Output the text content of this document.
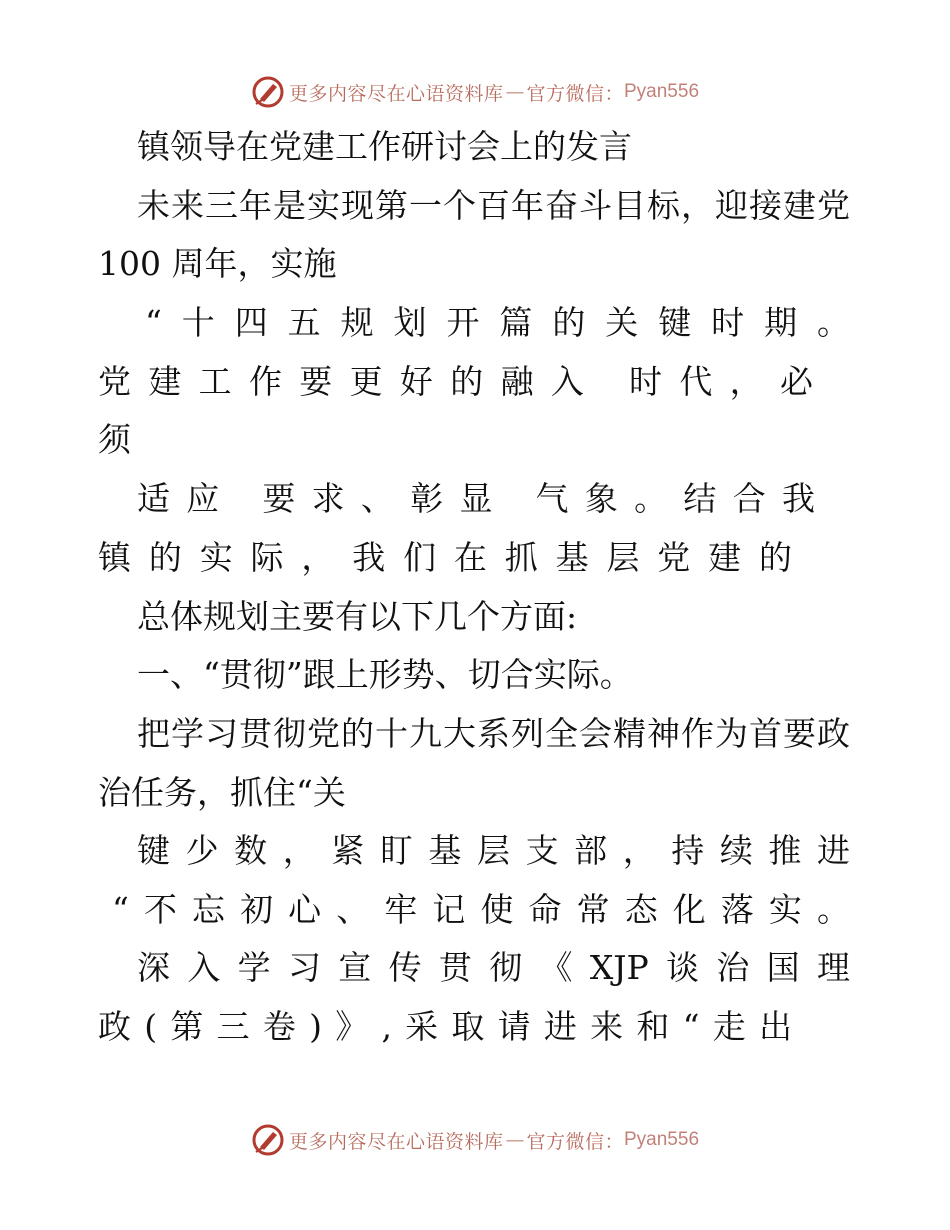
更多内容尽在心语资料库 — 官方微信： Pyan556
镇领导在党建工作研讨会上的发言
未来三年是实现第一个百年奋斗目标，迎接建党
100 周年，实施
“十四五规划开篇的关键时期。
党建工作要更好的融入 时代，必
须
适应 要求、彰显 气象。结合我
镇的实际，我们在抓基层党建的
总体规划主要有以下几个方面:
一、“贯彻”跟上形势、切合实际。
把学习贯彻党的十九大系列全会精神作为首要政
治任务，抓住“关
键少数，紧盯基层支部，持续推进
“不忘初心、牢记使命常态化落实。
深入学习宣传贯彻《XJP谈治国理
政(第三卷)》,采取请进来和“走出
更多内容尽在心语资料库 — 官方微信： Pyan556
